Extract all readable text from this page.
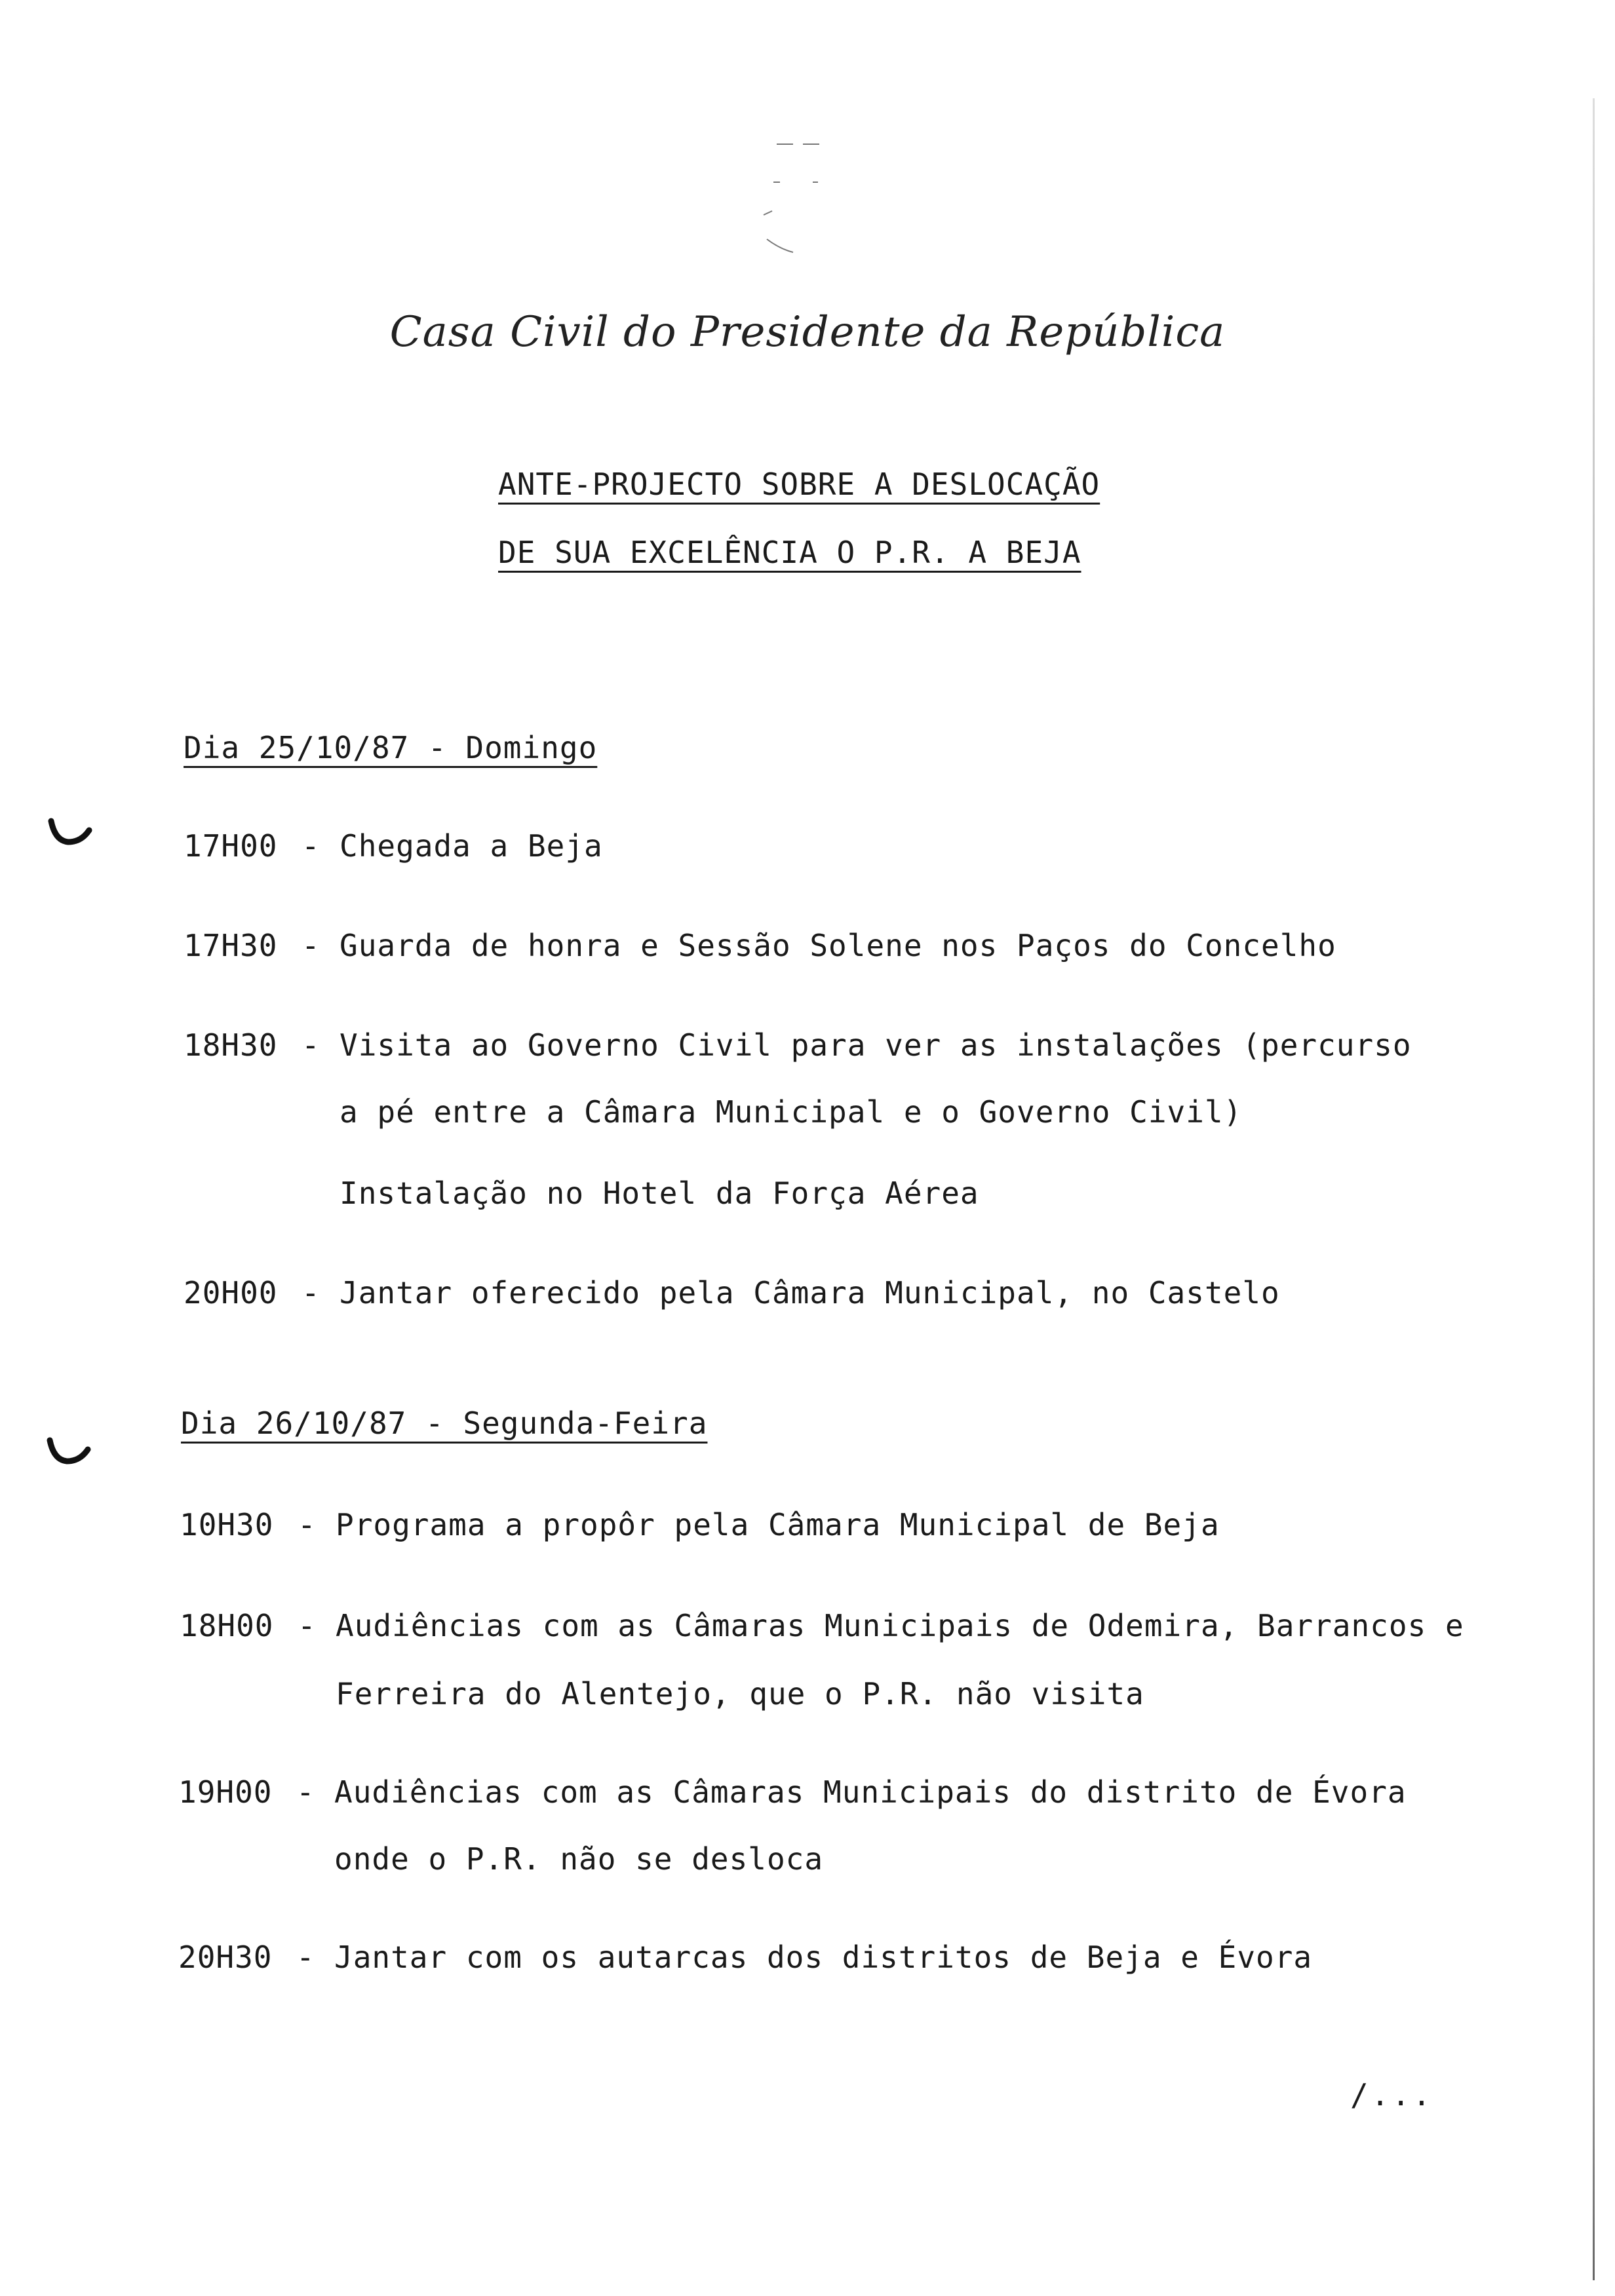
Casa Civil do Presidente da República
ANTE-PROJECTO SOBRE A DESLOCAÇÃO
DE SUA EXCELÊNCIA O P.R. A BEJA
Dia 25/10/87 - Domingo
17H00 - Chegada a Beja
17H30 - Guarda de honra e Sessão Solene nos Paços do Concelho
18H30 - Visita ao Governo Civil para ver as instalações (percurso
a pé entre a Câmara Municipal e o Governo Civil)
Instalação no Hotel da Força Aérea
20H00 - Jantar oferecido pela Câmara Municipal, no Castelo
Dia 26/10/87 - Segunda-Feira
10H30 - Programa a propôr pela Câmara Municipal de Beja
18H00 - Audiências com as Câmaras Municipais de Odemira, Barrancos e
Ferreira do Alentejo, que o P.R. não visita
19H00 - Audiências com as Câmaras Municipais do distrito de Évora
onde o P.R. não se desloca
20H30 - Jantar com os autarcas dos distritos de Beja e Évora
/...
